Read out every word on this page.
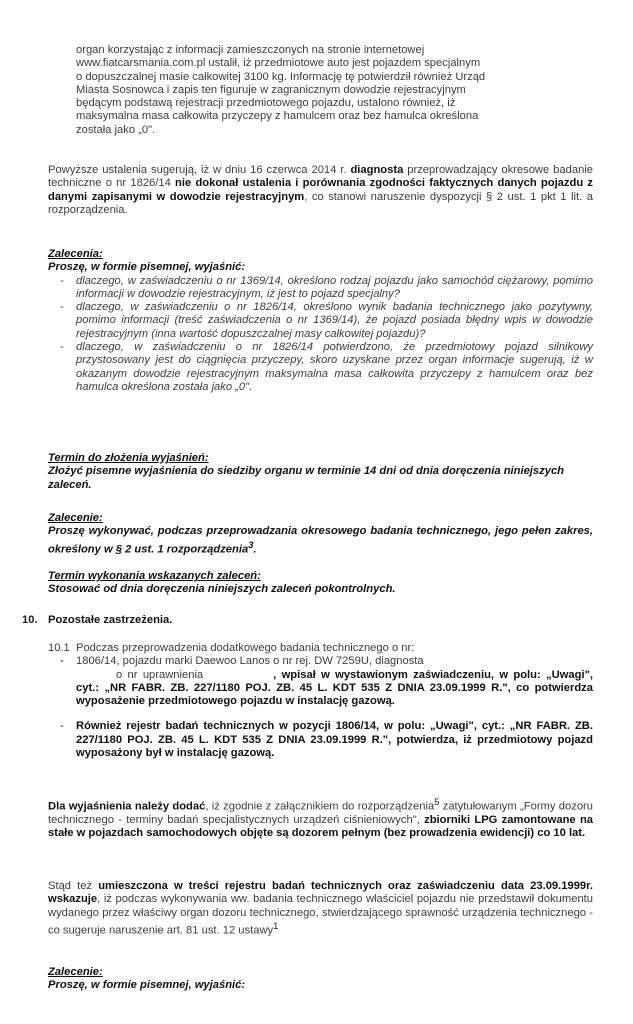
organ korzystając z informacji zamieszczonych na stronie internetowej

www.fiatcarsmania.com.pl ustalił, iż przedmiotowe auto jest pojazdem specjalnym

o dopuszczalnej masie całkowitej 3100 kg. Informację tę potwierdził również Urząd

Miasta Sosnowca i zapis ten figuruje w zagranicznym dowodzie rejestracyjnym

będącym podstawą rejestracji przedmiotowego pojazdu, ustalono również, iż

maksymalna masa całkowita przyczepy z hamulcem oraz bez hamulca określona

została jako „0".

Powyższe ustalenia sugerują, iż w dniu 16 czerwca 2014 r. diagnosta przeprowadzający okresowe badanie techniczne o nr 1826/14 nie dokonał ustalenia i porównania zgodności faktycznych danych pojazdu z danymi zapisanymi w dowodzie rejestracyjnym, co stanowi naruszenie dyspozycji § 2 ust. 1 pkt 1 lit. a rozporządzenia.

Zalecenia:

Proszę, w formie pisemnej, wyjaśnić:

- dlaczego, w zaświadczeniu o nr 1369/14, określono rodzaj pojazdu jako samochód ciężarowy, pomimo informacji w dowodzie rejestracyjnym, iż jest to pojazd specjalny?

- dlaczego, w zaświadczeniu o nr 1826/14, określono wynik badania technicznego jako pozytywny, pomimo informacji (treść zaświadczenia o nr 1369/14), że pojazd posiada błędny wpis w dowodzie rejestracyjnym (inna wartość dopuszczalnej masy całkowitej pojazdu)?

- dlaczego, w zaświadczeniu o nr 1826/14 potwierdzono, że przedmiotowy pojazd silnikowy przystosowany jest do ciągnięcia przyczepy, skoro uzyskane przez organ informacje sugerują, iż w okazanym dowodzie rejestracyjnym maksymalna masa całkowita przyczepy z hamulcem oraz bez hamulca określona została jako „0".

Termin do złożenia wyjaśnień:

Złożyć pisemne wyjaśnienia do siedziby organu w terminie 14 dni od dnia doręczenia niniejszych zaleceń.

Zalecenie:

Proszę wykonywać, podczas przeprowadzania okresowego badania technicznego, jego pełen zakres, określony w § 2 ust. 1 rozporządzenia$^3$.

Termin wykonania wskazanych zaleceń:

Stosować od dnia doręczenia niniejszych zaleceń pokontrolnych.

10. Pozostałe zastrzeżenia.

10.1 Podczas przeprowadzenia dodatkowego badania technicznego o nr:

- 1806/14, pojazdu marki Daewoo Lanos o nr rej. DW 7259U, diagnosta

o nr uprawnienia	, wpisał w wystawionym zaświadczeniu, w polu: „Uwagi", cyt.: „NR FABR. ZB. 227/1180 POJ. ZB. 45 L. KDT 535 Z DNIA 23.09.1999 R.", co potwierdza wyposażenie przedmiotowego pojazdu w instalację gazową.

- Również rejestr badań technicznych w pozycji 1806/14, w polu: „Uwagi", cyt.: „NR FABR. ZB. 227/1180 POJ. ZB. 45 L. KDT 535 Z DNIA 23.09.1999 R.", potwierdza, iż przedmiotowy pojazd wyposażony był w instalację gazową.

Dla wyjaśnienia należy dodać, iż zgodnie z załącznikiem do rozporządzenia$^5$ zatytułowanym „Formy dozoru technicznego - terminy badań specjalistycznych urządzeń ciśnieniowych", zbiorniki LPG zamontowane na stałe w pojazdach samochodowych objęte są dozorem pełnym (bez prowadzenia ewidencji) co 10 lat.

Stąd też umieszczona w treści rejestru badań technicznych oraz zaświadczeniu data 23.09.1999r. wskazuje, iż podczas wykonywania ww. badania technicznego właściciel pojazdu nie przedstawił dokumentu wydanego przez właściwy organ dozoru technicznego, stwierdzającego sprawność urządzenia technicznego - co sugeruje naruszenie art. 81 ust. 12 ustawy$^1$

Zalecenie:

Proszę, w formie pisemnej, wyjaśnić:
